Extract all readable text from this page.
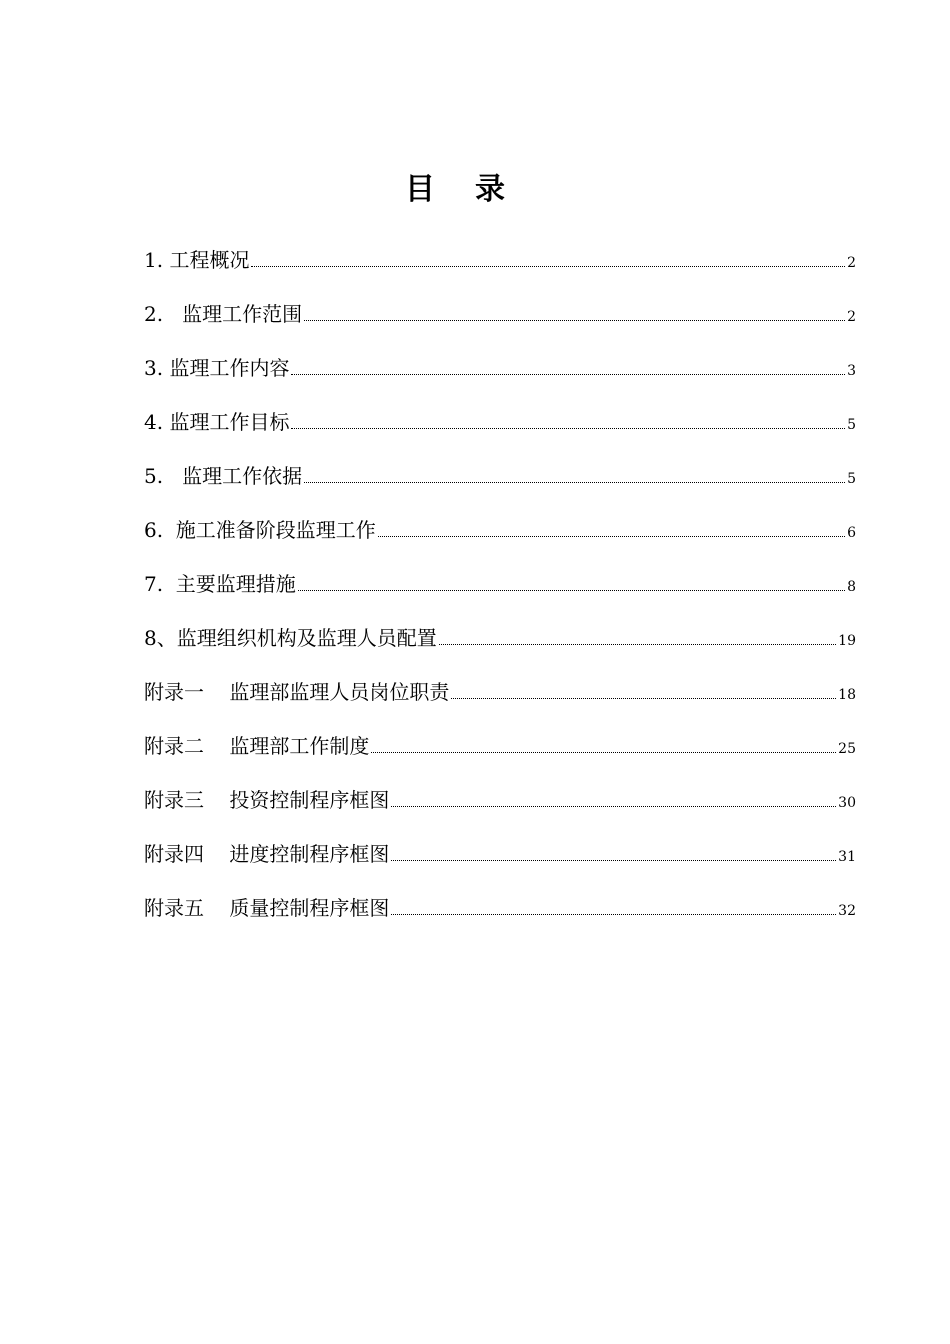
目录
1. 工程概况	2
2.   监理工作范围	2
3. 监理工作内容	3
4. 监理工作目标	5
5.   监理工作依据	5
6.  施工准备阶段监理工作	6
7.  主要监理措施	8
8、监理组织机构及监理人员配置	19
附录一    监理部监理人员岗位职责	18
附录二    监理部工作制度	25
附录三    投资控制程序框图	30
附录四    进度控制程序框图	31
附录五    质量控制程序框图	32
